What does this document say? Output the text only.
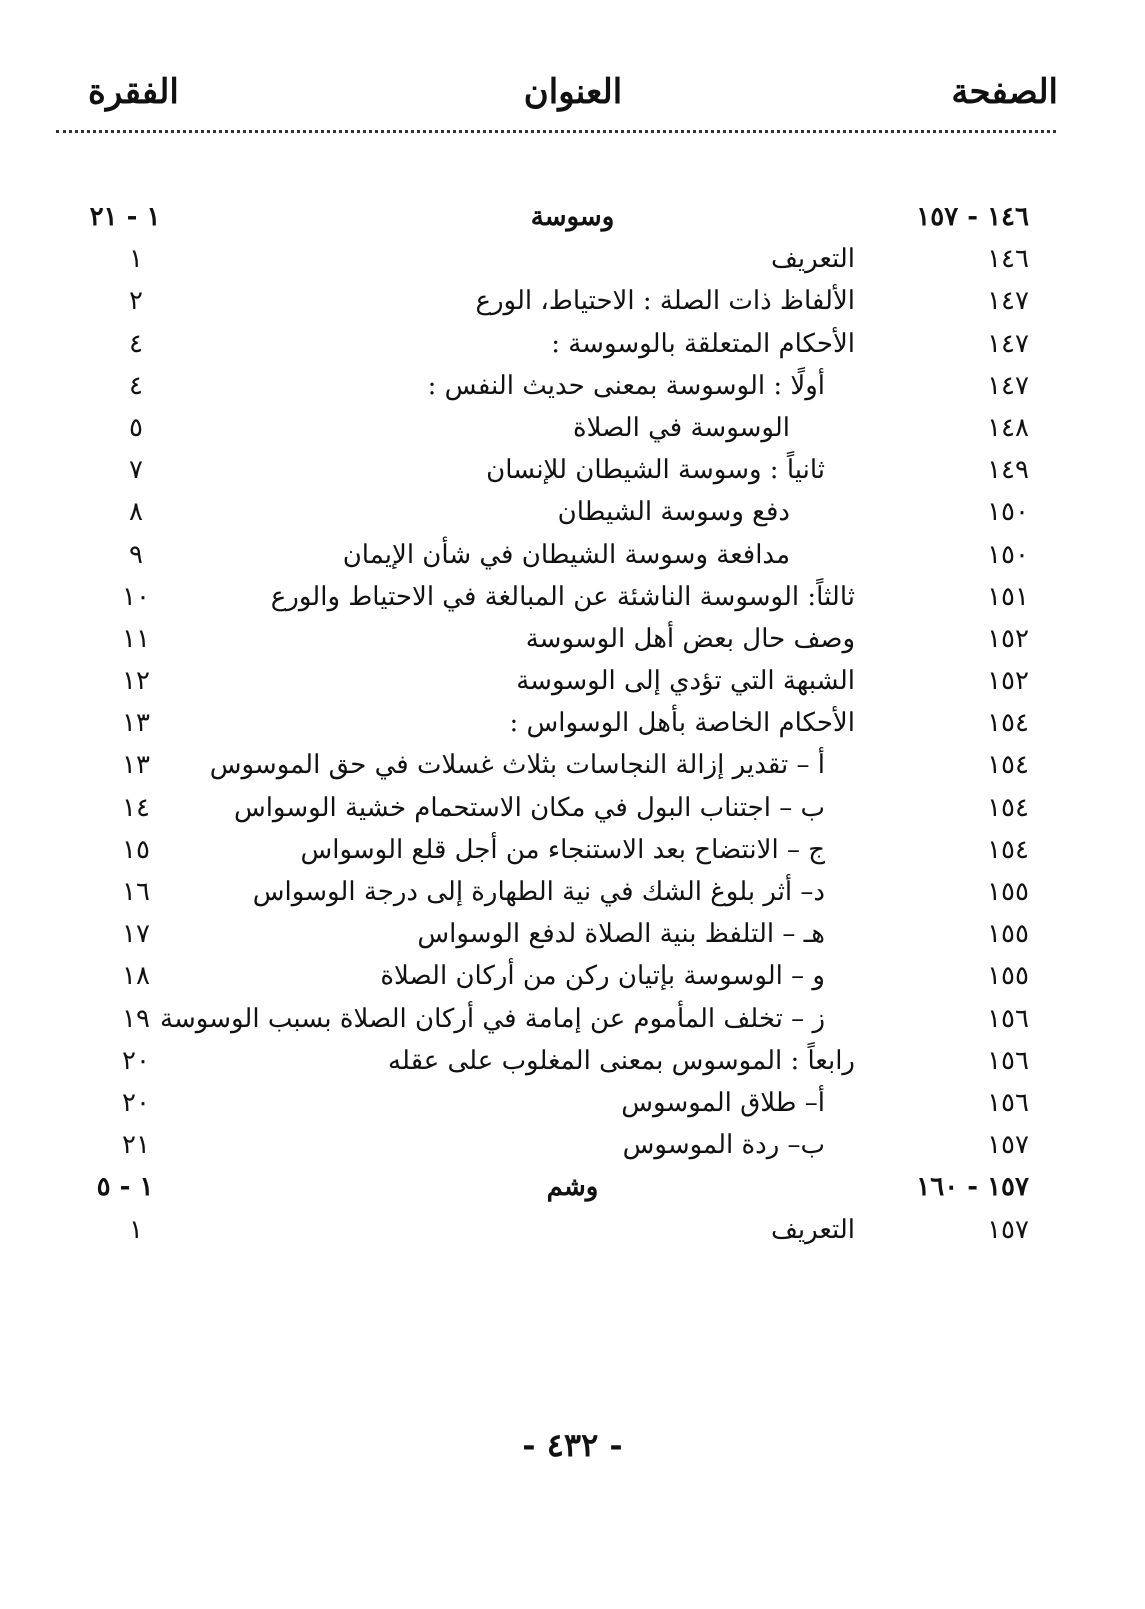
الصفحة
العنوان
الفقرة
١٤٦ - ١٥٧
وسوسة
١ - ٢١
١٤٦
التعريف
١
١٤٧
الألفاظ ذات الصلة : الاحتياط، الورع
٢
١٤٧
الأحكام المتعلقة بالوسوسة :
٤
١٤٧
أولًا : الوسوسة بمعنى حديث النفس :
٤
١٤٨
الوسوسة في الصلاة
٥
١٤٩
ثانياً : وسوسة الشيطان للإنسان
٧
١٥٠
دفع وسوسة الشيطان
٨
١٥٠
مدافعة وسوسة الشيطان في شأن الإيمان
٩
١٥١
ثالثاً: الوسوسة الناشئة عن المبالغة في الاحتياط والورع
١٠
١٥٢
وصف حال بعض أهل الوسوسة
١١
١٥٢
الشبهة التي تؤدي إلى الوسوسة
١٢
١٥٤
الأحكام الخاصة بأهل الوسواس :
١٣
١٥٤
أ – تقدير إزالة النجاسات بثلاث غسلات في حق الموسوس
١٣
١٥٤
ب – اجتناب البول في مكان الاستحمام خشية الوسواس
١٤
١٥٤
ج – الانتضاح بعد الاستنجاء من أجل قلع الوسواس
١٥
١٥٥
د– أثر بلوغ الشك في نية الطهارة إلى درجة الوسواس
١٦
١٥٥
هـ – التلفظ بنية الصلاة لدفع الوسواس
١٧
١٥٥
و – الوسوسة بإتيان ركن من أركان الصلاة
١٨
١٥٦
ز – تخلف المأموم عن إمامة في أركان الصلاة بسبب الوسوسة
١٩
١٥٦
رابعاً : الموسوس بمعنى المغلوب على عقله
٢٠
١٥٦
أ– طلاق الموسوس
٢٠
١٥٧
ب– ردة الموسوس
٢١
١٥٧ - ١٦٠
وشم
١ - ٥
١٥٧
التعريف
١
- ٤٣٢ -
